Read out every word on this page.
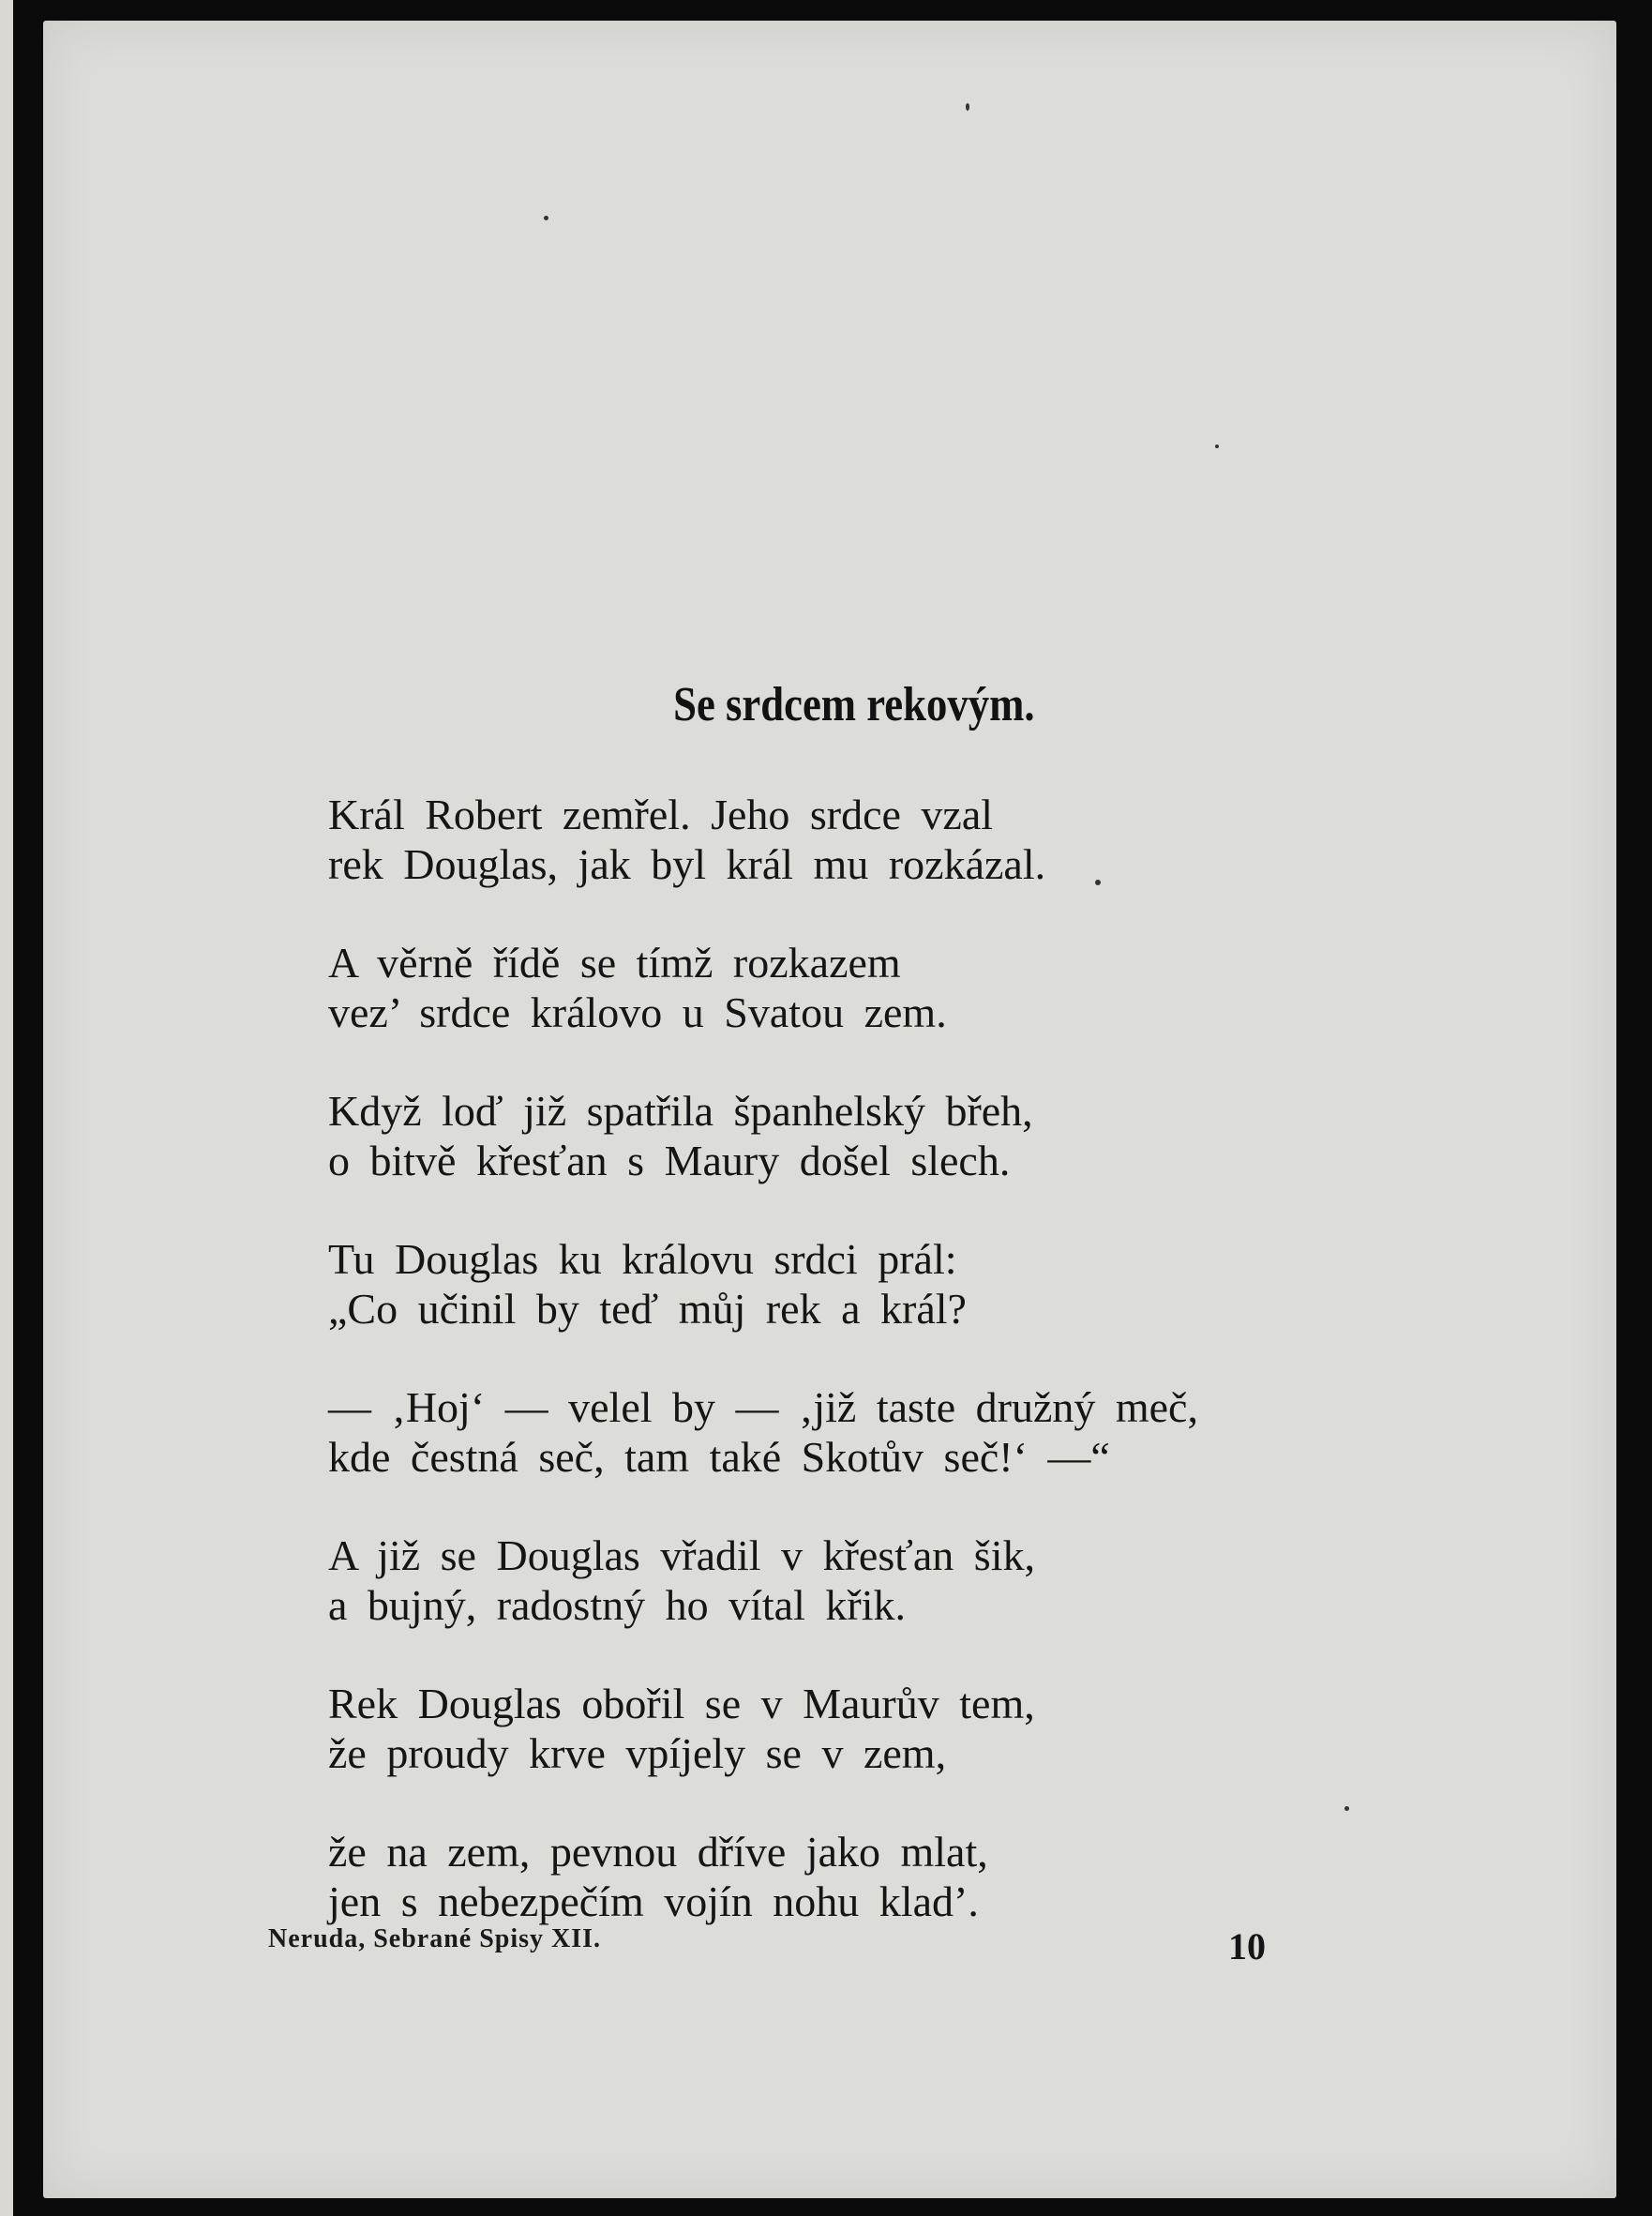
Se srdcem rekovým.
Král Robert zemřel. Jeho srdce vzal
rek Douglas, jak byl král mu rozkázal.
A věrně řídě se tímž rozkazem
vez’ srdce královo u Svatou zem.
Když loď již spatřila španhelský břeh,
o bitvě křesťan s Maury došel slech.
Tu Douglas ku královu srdci prál:
„Co učinil by teď můj rek a král?
— ‚Hoj‘ — velel by — ‚již taste družný meč,
kde čestná seč, tam také Skotův seč!‘ —“
A již se Douglas vřadil v křesťan šik,
a bujný, radostný ho vítal křik.
Rek Douglas obořil se v Maurův tem,
že proudy krve vpíjely se v zem,
že na zem, pevnou dříve jako mlat,
jen s nebezpečím vojín nohu klad’.
Neruda, Sebrané Spisy XII.	10
